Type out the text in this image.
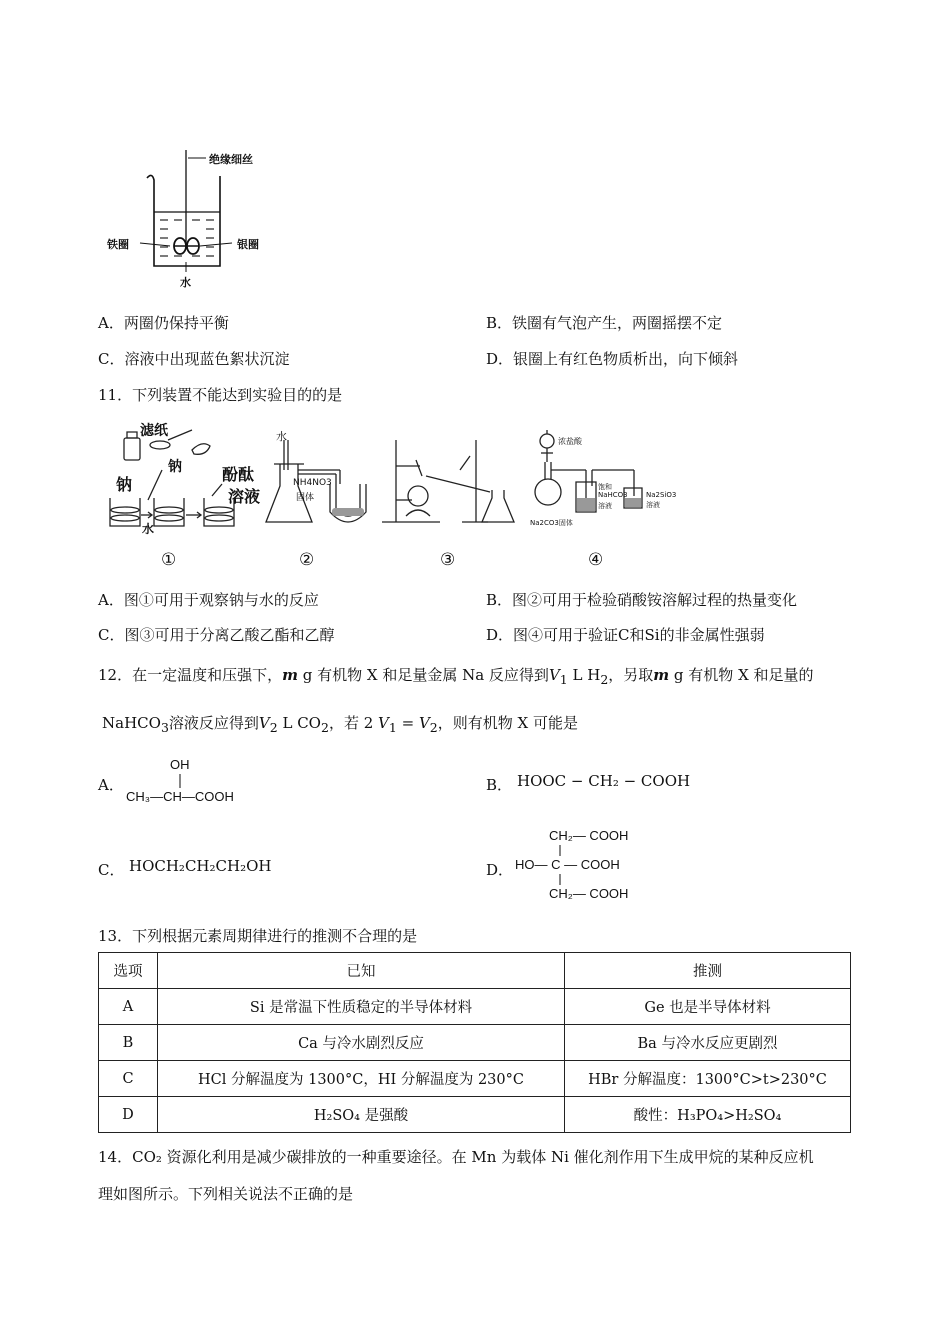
绝缘细丝
铁圈	银圈
水
A．两圈仍保持平衡	B．铁圈有气泡产生，两圈摇摆不定
C．溶液中出现蓝色絮状沉淀	D．银圈上有红色物质析出，向下倾斜
11．下列装置不能达到实验目的的是
滤纸
钠
钠
水
酚酞
溶液
水
NH4NO3
固体
浓盐酸
饱和
NaHCO3
溶液
Na2SiO3
溶液
Na2CO3固体
①	②	③	④
A．图①可用于观察钠与水的反应	B．图②可用于检验硝酸铵溶解过程的热量变化
C．图③可用于分离乙酸乙酯和乙醇	D．图④可用于验证C和Si的非金属性强弱
12．在一定温度和压强下，m g 有机物 X 和足量金属 Na 反应得到$V_1$ L $H_2$，另取m g 有机物 X 和足量的
NaHCO$_3$溶液反应得到$V_2$ L $CO_2$，若 2 $V_1 = V_2$，则有机物 X 可能是
A．
OH
CH₃—CH—COOH
B． HOOC − CH₂ − COOH
C． HOCH₂CH₂CH₂OH	D．
CH₂— COOH
HO— C — COOH
CH₂— COOH
13．下列根据元素周期律进行的推测不合理的是
选项	已知	推测
A	Si 是常温下性质稳定的半导体材料	Ge 也是半导体材料
B	Ca 与冷水剧烈反应	Ba 与冷水反应更剧烈
C	HCl 分解温度为 1300°C，HI 分解温度为 230°C	HBr 分解温度：1300°C>t>230°C
D	H₂SO₄ 是强酸	酸性：H₃PO₄>H₂SO₄
14．CO₂ 资源化利用是减少碳排放的一种重要途径。在 Mn 为载体 Ni 催化剂作用下生成甲烷的某种反应机
理如图所示。下列相关说法不正确的是
